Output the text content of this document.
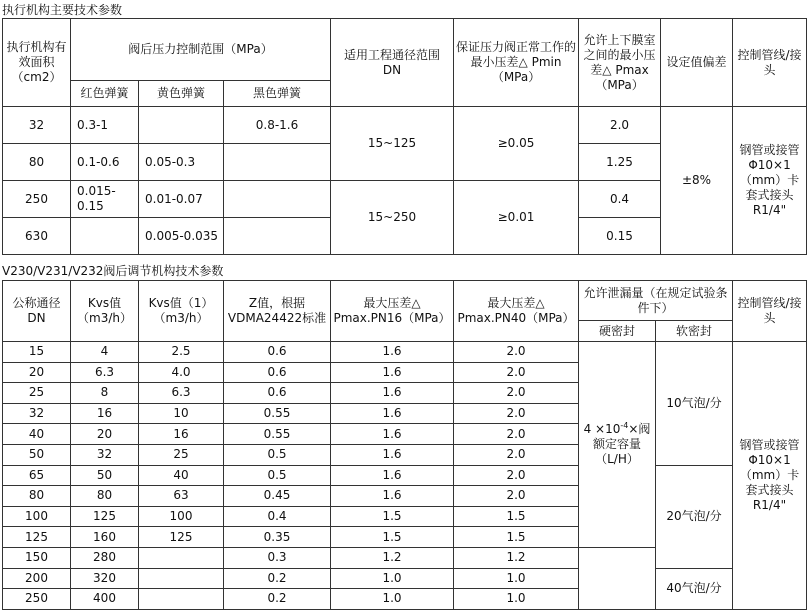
执行机构主要技术参数
执行机构有效面积（cm2）	阀后压力控制范围（MPa）			适用工程通径范围 DN	保证压力阀正常工作的最小压差△ Pmin（MPa）	允许上下膜室之间的最小压差△ Pmax（MPa）	设定值偏差	控制管线/接头
	红色弹簧	黄色弹簧	黑色弹簧					
32	0.3-1		0.8-1.6	15~125	≥0.05	2.0	±8%	钢管或接管Φ10×1（mm）卡套式接头R1/4"
80	0.1-0.6	0.05-0.3				1.25		
250	0.015-0.15	0.01-0.07		15~250	≥0.01	0.4		
630		0.005-0.035				0.15		
V230/V231/V232阀后调节机构技术参数
公称通径 DN	Kvs值（m3/h）	Kvs值（1）（m3/h）	Z值，根据VDMA24422标准	最大压差△ Pmax.PN16（MPa）	最大压差△ Pmax.PN40（MPa）	允许泄漏量（在规定试验条件下）		控制管线/接头
						硬密封	软密封	
15	4	2.5	0.6	1.6	2.0	$4 \times 10^{-4}\times$阀额定容量（L/H）	10气泡/分	钢管或接管Φ10×1（mm）卡套式接头R1/4"
20	6.3	4.0	0.6	1.6	2.0			
25	8	6.3	0.6	1.6	2.0			
32	16	10	0.55	1.6	2.0			
40	20	16	0.55	1.6	2.0			
50	32	25	0.5	1.6	2.0			
65	50	40	0.5	1.6	2.0		20气泡/分	
80	80	63	0.45	1.6	2.0			
100	125	100	0.4	1.5	1.5			
125	160	125	0.35	1.5	1.5			
150	280		0.3	1.2	1.2			
200	320		0.2	1.0	1.0		40气泡/分	
250	400		0.2	1.0	1.0			
